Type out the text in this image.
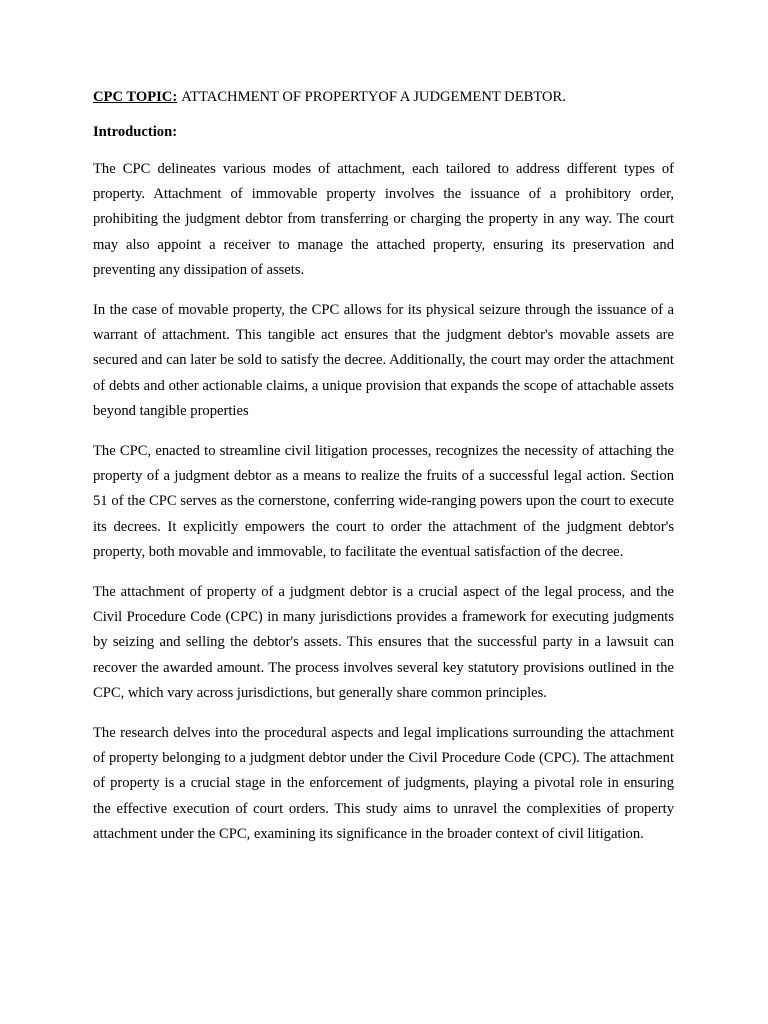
CPC TOPIC: ATTACHMENT OF PROPERTYOF A JUDGEMENT DEBTOR.

Introduction:

The CPC delineates various modes of attachment, each tailored to address different types of property. Attachment of immovable property involves the issuance of a prohibitory order, prohibiting the judgment debtor from transferring or charging the property in any way. The court may also appoint a receiver to manage the attached property, ensuring its preservation and preventing any dissipation of assets.

In the case of movable property, the CPC allows for its physical seizure through the issuance of a warrant of attachment. This tangible act ensures that the judgment debtor's movable assets are secured and can later be sold to satisfy the decree. Additionally, the court may order the attachment of debts and other actionable claims, a unique provision that expands the scope of attachable assets beyond tangible properties

The CPC, enacted to streamline civil litigation processes, recognizes the necessity of attaching the property of a judgment debtor as a means to realize the fruits of a successful legal action. Section 51 of the CPC serves as the cornerstone, conferring wide-ranging powers upon the court to execute its decrees. It explicitly empowers the court to order the attachment of the judgment debtor's property, both movable and immovable, to facilitate the eventual satisfaction of the decree.

The attachment of property of a judgment debtor is a crucial aspect of the legal process, and the Civil Procedure Code (CPC) in many jurisdictions provides a framework for executing judgments by seizing and selling the debtor's assets. This ensures that the successful party in a lawsuit can recover the awarded amount. The process involves several key statutory provisions outlined in the CPC, which vary across jurisdictions, but generally share common principles.

The research delves into the procedural aspects and legal implications surrounding the attachment of property belonging to a judgment debtor under the Civil Procedure Code (CPC). The attachment of property is a crucial stage in the enforcement of judgments, playing a pivotal role in ensuring the effective execution of court orders. This study aims to unravel the complexities of property attachment under the CPC, examining its significance in the broader context of civil litigation.
